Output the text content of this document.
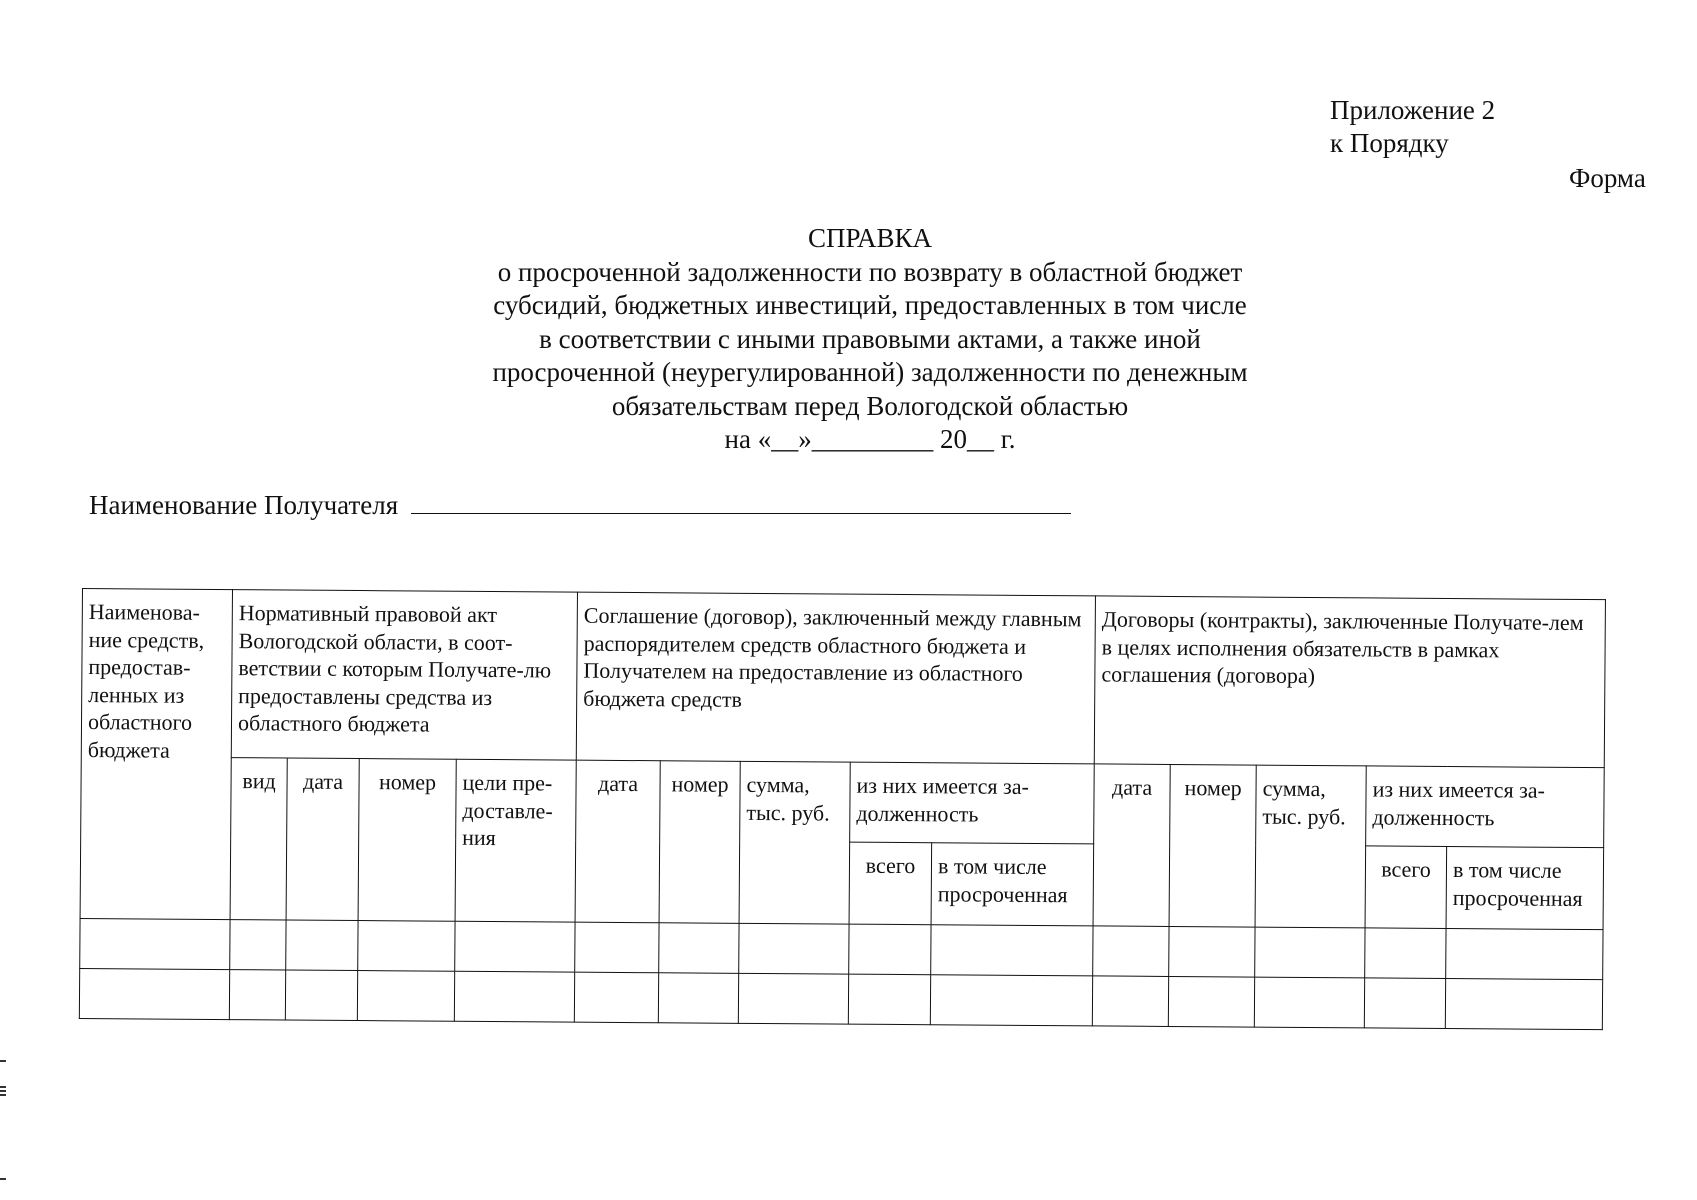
Приложение 2
к Порядку
Форма
СПРАВКА
о просроченной задолженности по возврату в областной бюджет
субсидий, бюджетных инвестиций, предоставленных в том числе
в соответствии с иными правовыми актами, а также иной
просроченной (неурегулированной) задолженности по денежным
обязательствам перед Вологодской областью
на «__»_________ 20__ г.
Наименование Получателя
Наименова-ние средств, предостав-ленных из областного бюджета	Нормативный правовой акт Вологодской области, в соот-ветствии с которым Получате-лю предоставлены средства из областного бюджета				Соглашение (договор), заключенный между главным распорядителем средств областного бюджета и Получателем на предоставление из областного бюджета средств					Договоры (контракты), заключенные Получате-лем в целях исполнения обязательств в рамках соглашения (договора)				
	вид	дата	номер	цели пре-доставле-ния	дата	номер	сумма, тыс. руб.	из них имеется за-долженность		дата	номер	сумма, тыс. руб.	из них имеется за-долженность	
								всего	в том числе просроченная				всего	в том числе просроченная
